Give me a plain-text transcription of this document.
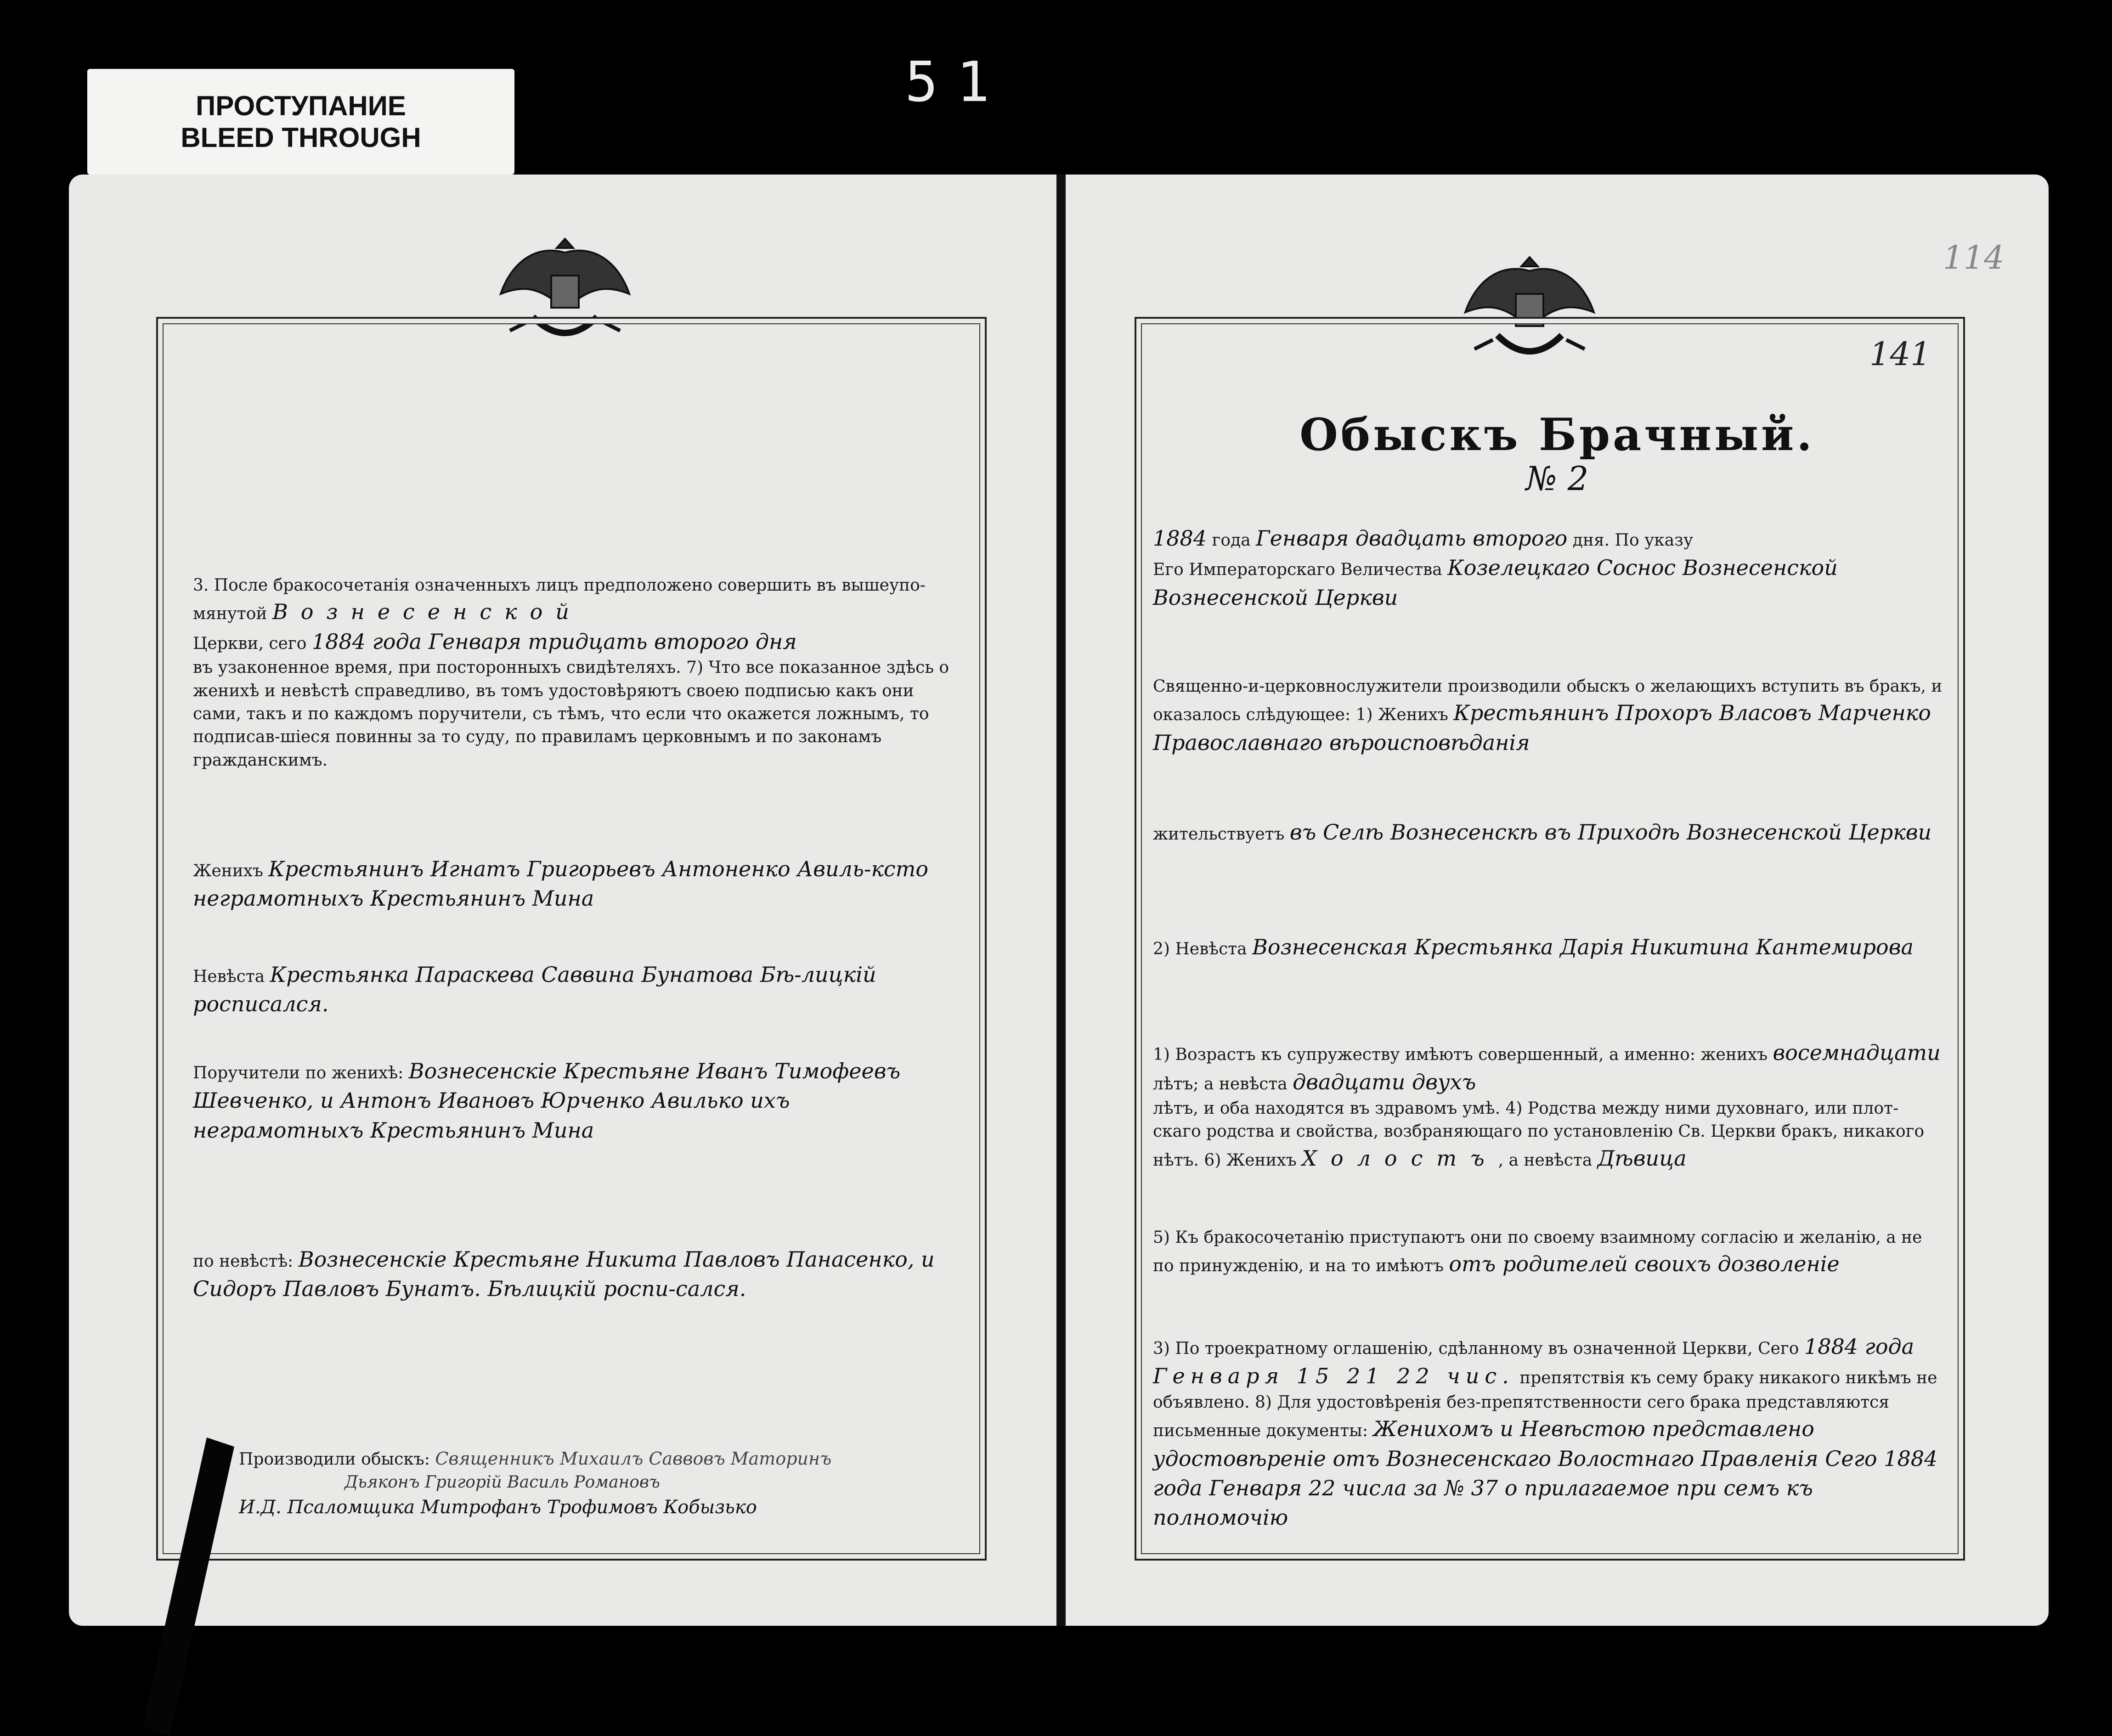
ПРОСТУПАНИЕ
BLEED THROUGH
51
3. После бракосочетанія означенныхъ лицъ предположено совершить въ вышеупо-
мянутой Вознесенской
Церкви, сего 1884 года Генваря тридцать второго дня
въ узаконенное время, при посторонныхъ свидѣтеляхъ. 7) Что все показанное здѣсь о женихѣ и невѣстѣ справедливо, въ томъ удостовѣряютъ своею подписью какъ они сами, такъ и по каждомъ поручители, съ тѣмъ, что если что окажется ложнымъ, то подписав-шіеся повинны за то суду, по правиламъ церковнымъ и по законамъ гражданскимъ.
Женихъ Крестьянинъ Игнатъ Григорьевъ Антоненко Авиль-ксто неграмотныхъ Крестьянинъ Мина
Невѣста Крестьянка Параскева Саввина Бунатова Бѣ-лицкій росписался.
Поручители по женихѣ: Вознесенскіе Крестьяне Иванъ Тимофеевъ Шевченко, и Антонъ Ивановъ Юрченко Авилько ихъ неграмотныхъ Крестьянинъ Мина
по невѣстѣ: Вознесенскіе Крестьяне Никита Павловъ Панасенко, и Сидоръ Павловъ Бунатъ. Бѣлицкій роспи-сался.
Производили обыскъ: Священникъ Михаилъ Саввовъ Маторинъ
Дьяконъ Григорій Василь Романовъ
И.Д. Псаломщика Митрофанъ Трофимовъ Кобызько
114
141
Обыскъ Брачный.
№ 2
1884 года Генваря двадцать второго дня. По указу
Его Императорскаго Величества Козелецкаго Соснос Вознесенской Вознесенской Церкви
Священно-и-церковнослужители производили обыскъ о желающихъ вступить въ бракъ, и оказалось слѣдующее: 1) Женихъ Крестьянинъ Прохоръ Власовъ Марченко Православнаго вѣроисповѣданія
жительствуетъ въ Селѣ Вознесенскѣ въ Приходѣ Вознесенской Церкви
2) Невѣста Вознесенская Крестьянка Дарія Никитина Кантемирова
1) Возрастъ къ супружеству имѣютъ совершенный, а именно: женихъ восемнадцати лѣтъ; а невѣста двадцати двухъ
лѣтъ, и оба находятся въ здравомъ умѣ. 4) Родства между ними духовнаго, или плот-скаго родства и свойства, возбраняющаго по установленію Св. Церкви бракъ, никакого нѣтъ. 6) Женихъ Холостъ, а невѣста Дѣвица
5) Къ бракосочетанію приступаютъ они по своему взаимному согласію и желанію, а не по принужденію, и на то имѣютъ отъ родителей своихъ дозволеніе
3) По троекратному оглашенію, сдѣланному въ означенной Церкви, Сего 1884 года
Генваря 15 21 22 чис. препятствія къ сему браку никакого никѣмъ не объявлено. 8) Для удостовѣренія без-препятственности сего брака представляются письменные документы: Женихомъ и Невѣстою представлено удостовѣреніе отъ Вознесенскаго Волостнаго Правленія Сего 1884 года Генваря 22 числа за № 37 о прилагаемое при семъ къ полномочію
